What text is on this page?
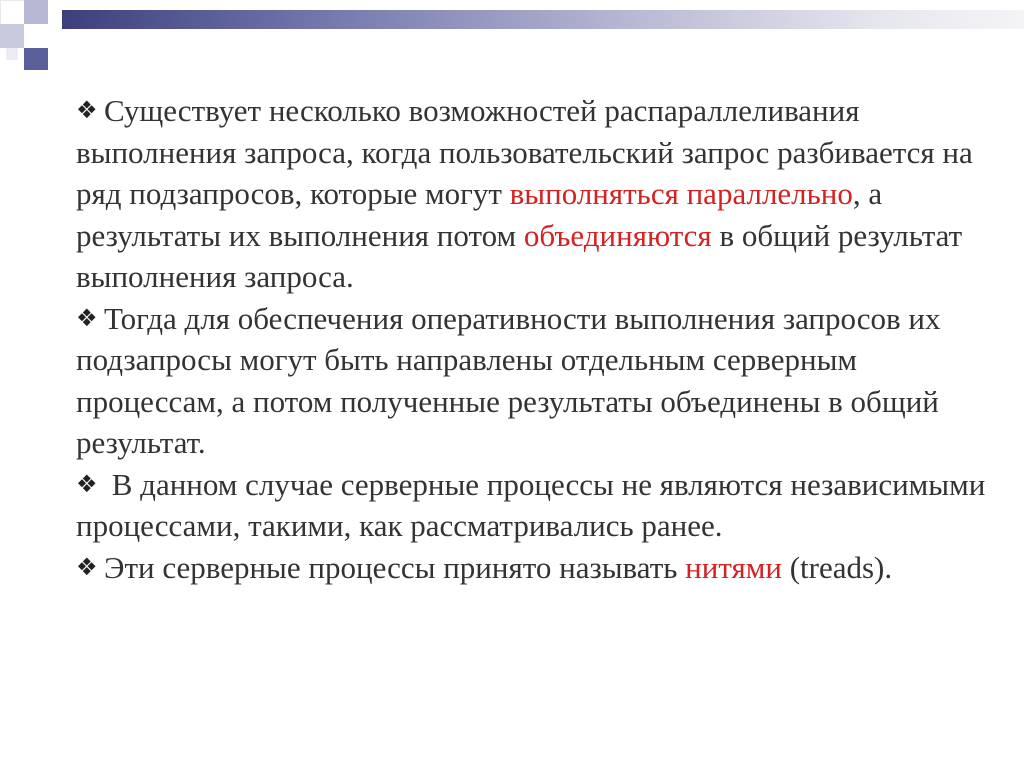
❖ Существует несколько возможностей распараллеливания выполнения запроса, когда пользовательский запрос разбивается на ряд подзапросов, которые могут выполняться параллельно, а результаты их выполнения потом объединяются в общий результат выполнения запроса.

❖ Тогда для обеспечения оперативности выполнения запросов их подзапросы могут быть направлены отдельным серверным процессам, а потом полученные результаты объединены в общий результат.

❖ В данном случае серверные процессы не являются независимыми процессами, такими, как рассматривались ранее.

❖ Эти серверные процессы принято называть нитями (treads).
